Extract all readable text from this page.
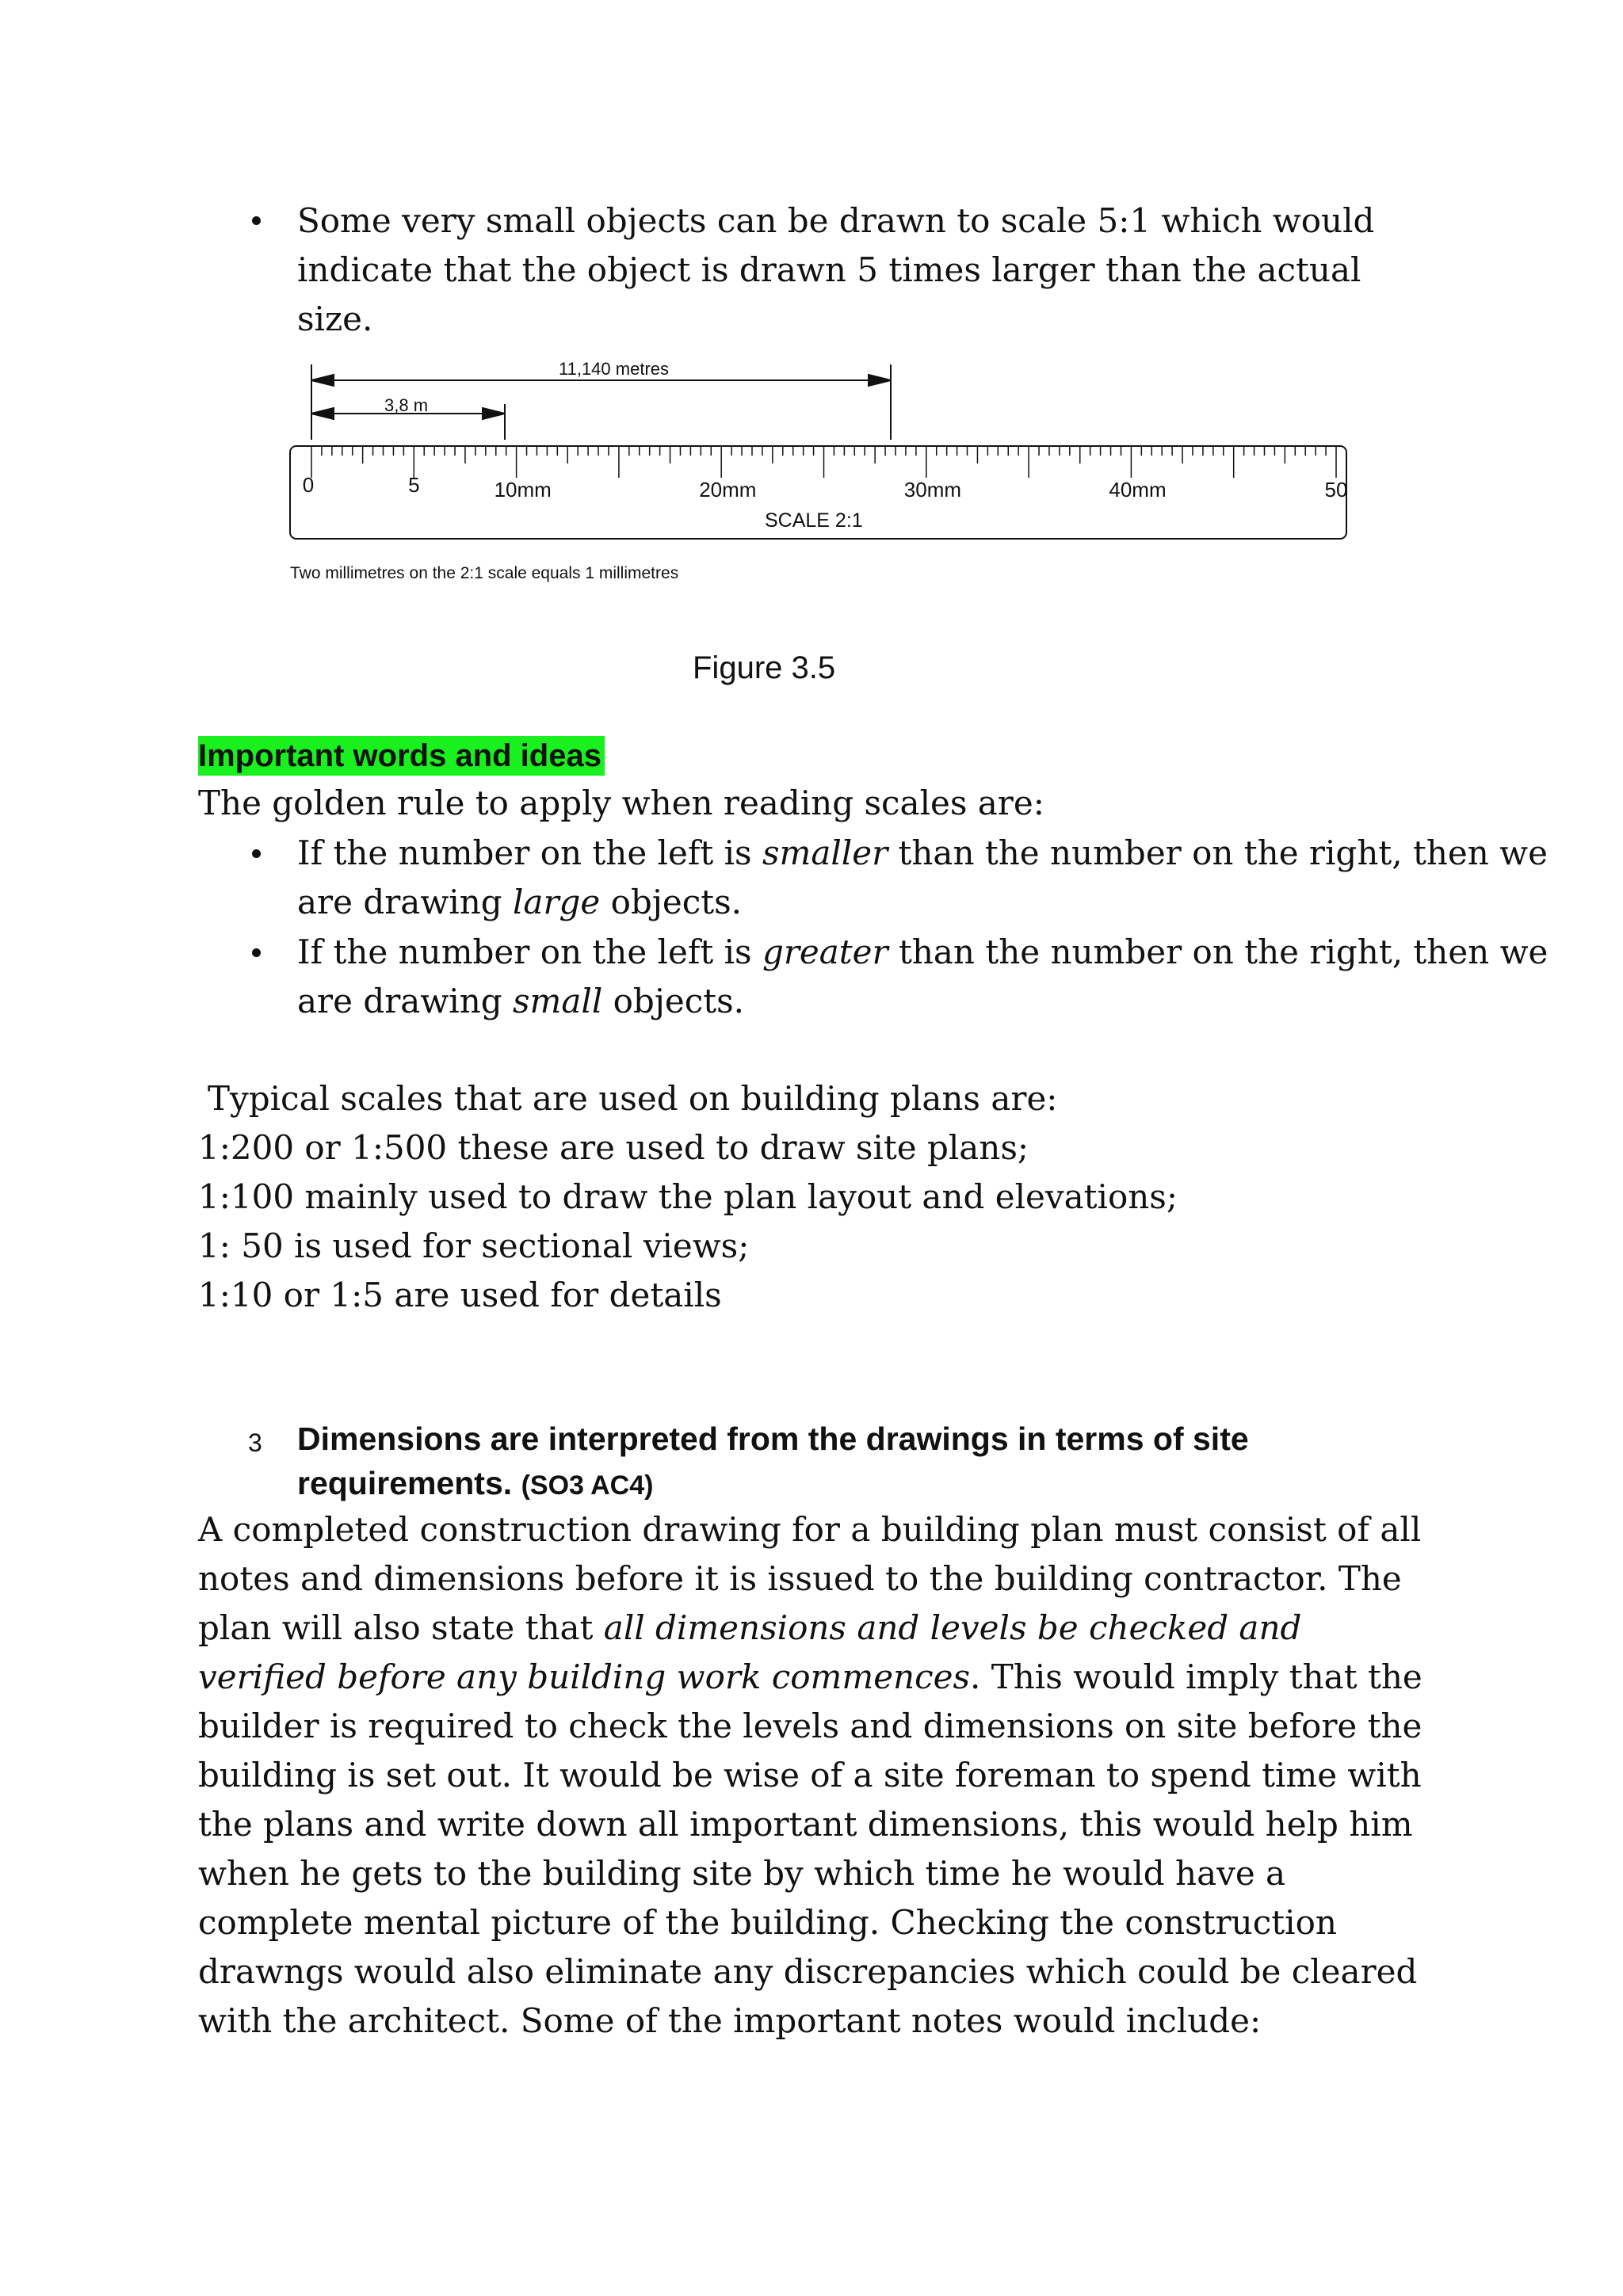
Some very small objects can be drawn to scale 5:1 which would indicate that the object is drawn 5 times larger than the actual size.
11,140 metres
3,8 m
0	5	10mm	20mm	30mm	40mm	50
SCALE 2:1
Two millimetres on the 2:1 scale equals 1 millimetres
Figure 3.5
Important words and ideas
The golden rule to apply when reading scales are:
If the number on the left is smaller than the number on the right, then we are drawing large objects.
If the number on the left is greater than the number on the right, then we are drawing small objects.
Typical scales that are used on building plans are:
1:200 or 1:500 these are used to draw site plans;
1:100 mainly used to draw the plan layout and elevations;
1: 50 is used for sectional views;
1:10 or 1:5 are used for details
3 Dimensions are interpreted from the drawings in terms of site
requirements. (SO3 AC4)
A completed construction drawing for a building plan must consist of all notes and dimensions before it is issued to the building contractor. The plan will also state that all dimensions and levels be checked and verified before any building work commences. This would imply that the builder is required to check the levels and dimensions on site before the building is set out. It would be wise of a site foreman to spend time with the plans and write down all important dimensions, this would help him when he gets to the building site by which time he would have a complete mental picture of the building. Checking the construction drawngs would also eliminate any discrepancies which could be cleared with the architect. Some of the important notes would include:
